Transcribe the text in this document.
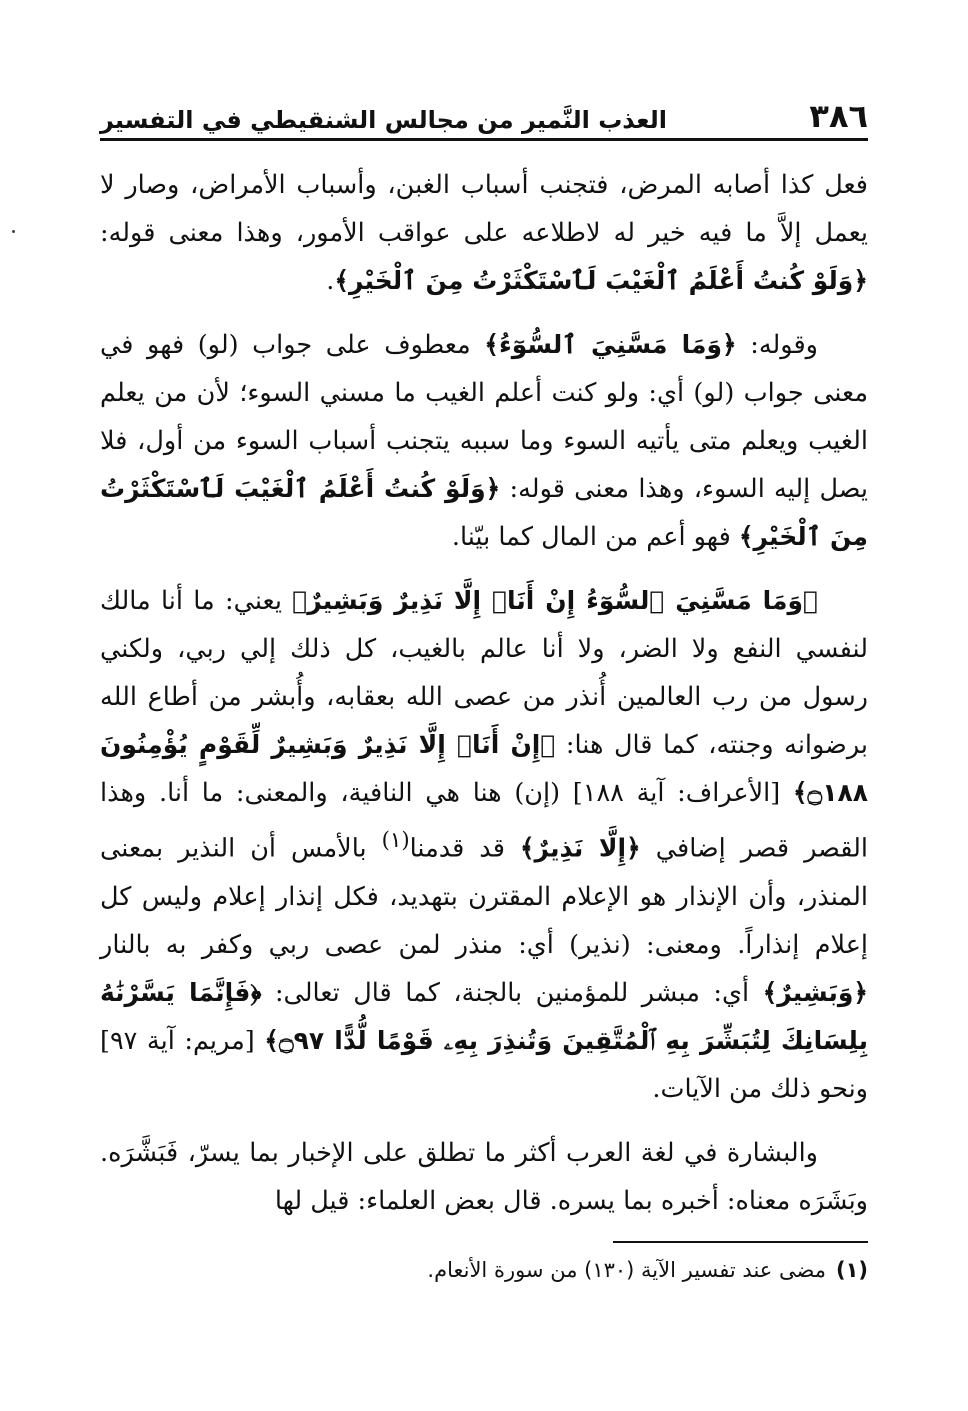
٣٨٦
العذب النَّمير من مجالس الشنقيطي في التفسير

فعل كذا أصابه المرض، فتجنب أسباب الغبن، وأسباب الأمراض، وصار لا يعمل إلاَّ ما فيه خير له لاطلاعه على عواقب الأمور، وهذا معنى قوله: ﴿وَلَوْ كُنتُ أَعْلَمُ ٱلْغَيْبَ لَٱسْتَكْثَرْتُ مِنَ ٱلْخَيْرِ﴾.

وقوله: ﴿وَمَا مَسَّنِيَ ٱلسُّوٓءُ﴾ معطوف على جواب (لو) فهو في معنى جواب (لو) أي: ولو كنت أعلم الغيب ما مسني السوء؛ لأن من يعلم الغيب ويعلم متى يأتيه السوء وما سببه يتجنب أسباب السوء من أول، فلا يصل إليه السوء، وهذا معنى قوله: ﴿وَلَوْ كُنتُ أَعْلَمُ ٱلْغَيْبَ لَٱسْتَكْثَرْتُ مِنَ ٱلْخَيْرِ﴾ فهو أعم من المال كما بيّنا.

﴿وَمَا مَسَّنِيَ ٱلسُّوٓءُ إِنْ أَنَا۠ إِلَّا نَذِيرٌ وَبَشِيرٌ﴾ يعني: ما أنا مالك لنفسي النفع ولا الضر، ولا أنا عالم بالغيب، كل ذلك إلي ربي، ولكني رسول من رب العالمين أُنذر من عصى الله بعقابه، وأُبشر من أطاع الله برضوانه وجنته، كما قال هنا: ﴿إِنْ أَنَا۠ إِلَّا نَذِيرٌ وَبَشِيرٌ لِّقَوْمٍ يُؤْمِنُونَ ۝١٨٨﴾ [الأعراف: آية ١٨٨] (إن) هنا هي النافية، والمعنى: ما أنا. وهذا القصر قصر إضافي ﴿إِلَّا نَذِيرٌ﴾ قد قدمنا$^{(١)}$ بالأمس أن النذير بمعنى المنذر، وأن الإنذار هو الإعلام المقترن بتهديد، فكل إنذار إعلام وليس كل إعلام إنذاراً. ومعنى: (نذير) أي: منذر لمن عصى ربي وكفر به بالنار ﴿وَبَشِيرٌ﴾ أي: مبشر للمؤمنين بالجنة، كما قال تعالى: ﴿فَإِنَّمَا يَسَّرْنَٰهُ بِلِسَانِكَ لِتُبَشِّرَ بِهِ ٱلْمُتَّقِينَ وَتُنذِرَ بِهِۦ قَوْمًا لُّدًّا ۝٩٧﴾ [مريم: آية ٩٧] ونحو ذلك من الآيات.

والبشارة في لغة العرب أكثر ما تطلق على الإخبار بما يسرّ، فَبَشَّرَه. وبَشَرَه معناه: أخبره بما يسره. قال بعض العلماء: قيل لها

(١)مضى عند تفسير الآية (١٣٠) من سورة الأنعام.
